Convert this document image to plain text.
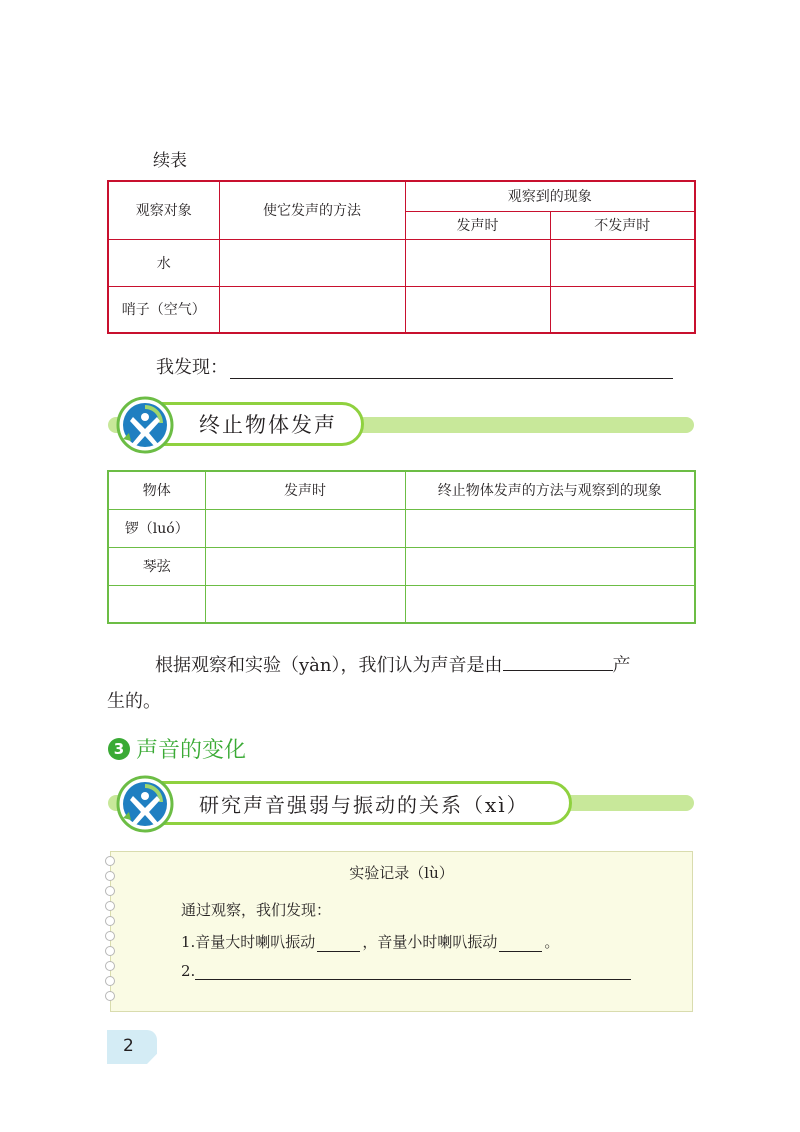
续表
观察对象	使它发声的方法	观察到的现象	
		发声时	不发声时
水			
哨子（空气）			
我发现：
终止物体发声
物体	发声时	终止物体发声的方法与观察到的现象
锣（luó）		
琴弦		

根据观察和实验（yàn），我们认为声音是由	产
生的。
3 声音的变化
研究声音强弱与振动的关系（xì）
实验记录（lù）
通过观察，我们发现：
1.音量大时喇叭振动	，音量小时喇叭振动	。
2.
2
